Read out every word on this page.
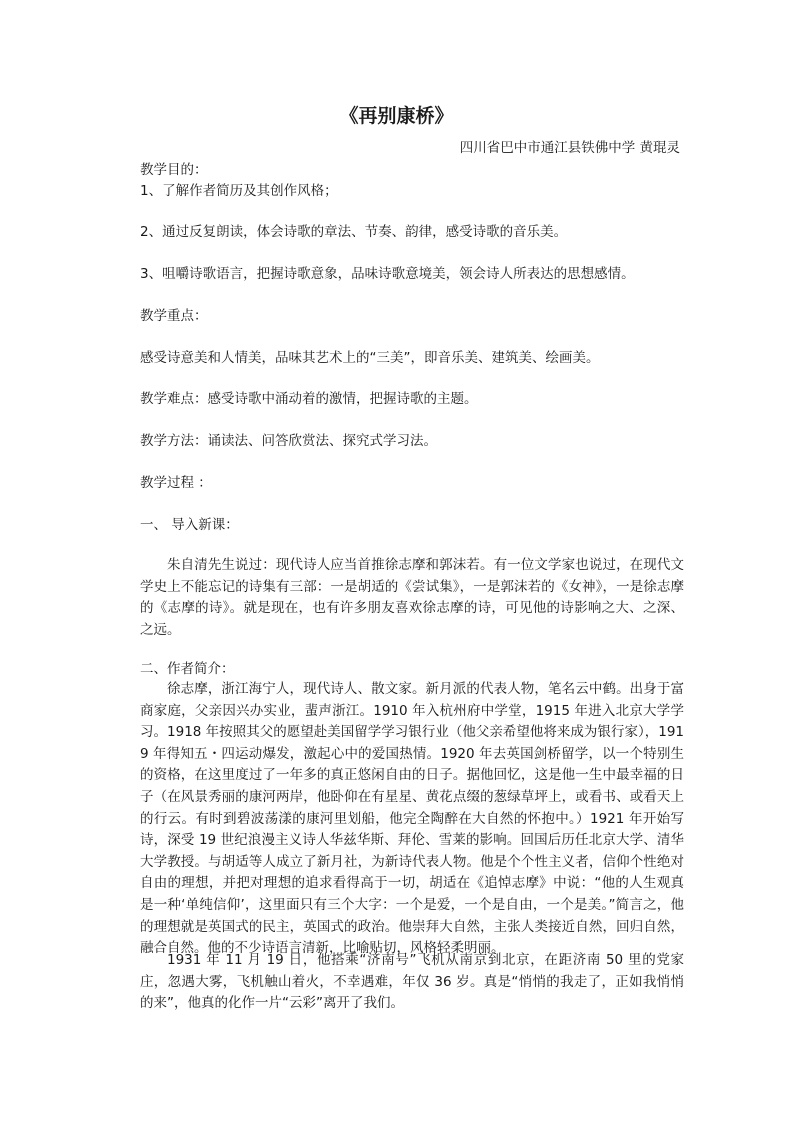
《再别康桥》

四川省巴中市通江县铁佛中学 黄琨灵

教学目的：

1、了解作者简历及其创作风格；

2、通过反复朗读，体会诗歌的章法、节奏、韵律，感受诗歌的音乐美。

3、咀嚼诗歌语言，把握诗歌意象，品味诗歌意境美，领会诗人所表达的思想感情。

教学重点：

感受诗意美和人情美，品味其艺术上的“三美”，即音乐美、建筑美、绘画美。

教学难点：感受诗歌中涌动着的激情，把握诗歌的主题。

教学方法：诵读法、问答欣赏法、探究式学习法。

教学过程 ：

一、 导入新课：

朱自清先生说过：现代诗人应当首推徐志摩和郭沫若。有一位文学家也说过，在现代文学史上不能忘记的诗集有三部：一是胡适的《尝试集》，一是郭沫若的《女神》，一是徐志摩的《志摩的诗》。就是现在，也有许多朋友喜欢徐志摩的诗，可见他的诗影响之大、之深、之远。

二、作者简介：

徐志摩，浙江海宁人，现代诗人、散文家。新月派的代表人物，笔名云中鹤。出身于富商家庭，父亲因兴办实业，蜚声浙江。1910 年入杭州府中学堂，1915 年进入北京大学学习。1918 年按照其父的愿望赴美国留学学习银行业（他父亲希望他将来成为银行家），1919 年得知五・四运动爆发，激起心中的爱国热情。1920 年去英国剑桥留学，以一个特别生的资格，在这里度过了一年多的真正悠闲自由的日子。据他回忆，这是他一生中最幸福的日子（在风景秀丽的康河两岸，他卧仰在有星星、黄花点缀的葱绿草坪上，或看书、或看天上的行云。有时到碧波荡漾的康河里划船，他完全陶醉在大自然的怀抱中。）1921 年开始写诗，深受 19 世纪浪漫主义诗人华兹华斯、拜伦、雪莱的影响。回国后历任北京大学、清华大学教授。与胡适等人成立了新月社，为新诗代表人物。他是个个性主义者，信仰个性绝对自由的理想，并把对理想的追求看得高于一切，胡适在《追悼志摩》中说：“他的人生观真是一种‘单纯信仰’，这里面只有三个大字：一个是爱，一个是自由，一个是美。”简言之，他的理想就是英国式的民主，英国式的政治。他崇拜大自然，主张人类接近自然，回归自然，融合自然。他的不少诗语言清新，比喻贴切，风格轻柔明丽。

1931 年 11 月 19 日，他搭乘“济南号”飞机从南京到北京，在距济南 50 里的党家庄，忽遇大雾，飞机触山着火，不幸遇难，年仅 36 岁。真是“悄悄的我走了，正如我悄悄的来”，他真的化作一片“云彩”离开了我们。
